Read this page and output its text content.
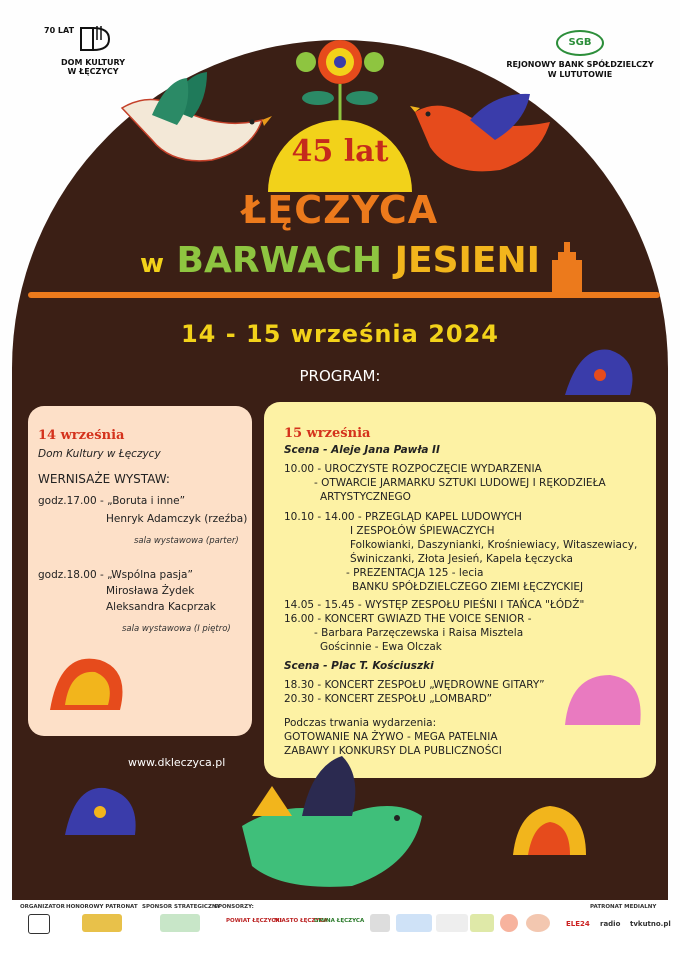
70 LAT
DOM KULTURY
W ŁĘCZYCY
SGB
REJONOWY BANK SPÓŁDZIELCZY
W LUTUTOWIE
45 lat
ŁĘCZYCA
w BARWACH JESIENI
14 - 15 września 2024
PROGRAM:
14 września
Dom Kultury w Łęczycy
WERNISAŻE WYSTAW:
godz.17.00 - „Boruta i inne”
Henryk Adamczyk (rzeźba)
sala wystawowa (parter)
godz.18.00 - „Wspólna pasja”
Mirosława Żydek
Aleksandra Kacprzak
sala wystawowa (I piętro)
15 września
Scena - Aleje Jana Pawła II
10.00 - UROCZYSTE ROZPOCZĘCIE WYDARZENIA
- OTWARCIE JARMARKU SZTUKI LUDOWEJ I RĘKODZIEŁA
ARTYSTYCZNEGO
10.10 - 14.00 - PRZEGLĄD KAPEL LUDOWYCH
I ZESPOŁÓW ŚPIEWACZYCH
Folkowianki, Daszynianki, Krośniewiacy, Witaszewiacy,
Świniczanki, Złota Jesień, Kapela Łęczycka
- PREZENTACJA 125 - lecia
BANKU SPÓŁDZIELCZEGO ZIEMI ŁĘCZYCKIEJ
14.05 - 15.45 - WYSTĘP ZESPOŁU PIEŚNI I TAŃCA "ŁÓDŹ"
16.00 - KONCERT GWIAZD THE VOICE SENIOR -
- Barbara Parzęczewska i Raisa Misztela
Gościnnie - Ewa Olczak
Scena - Plac T. Kościuszki
18.30 - KONCERT ZESPOŁU „WĘDROWNE GITARY”
20.30 - KONCERT ZESPOŁU „LOMBARD”
Podczas trwania wydarzenia:
GOTOWANIE NA ŻYWO - MEGA PATELNIA
ZABAWY I KONKURSY DLA PUBLICZNOŚCI
www.dkleczyca.pl
ORGANIZATOR HONOROWY PATRONAT SPONSOR STRATEGICZNY
SPONSORZY:	PATRONAT MEDIALNY
POWIAT ŁĘCZYCKI
MIASTO ŁĘCZYCA
GMINA ŁĘCZYCA	ELE24 radio tvkutno.pl
